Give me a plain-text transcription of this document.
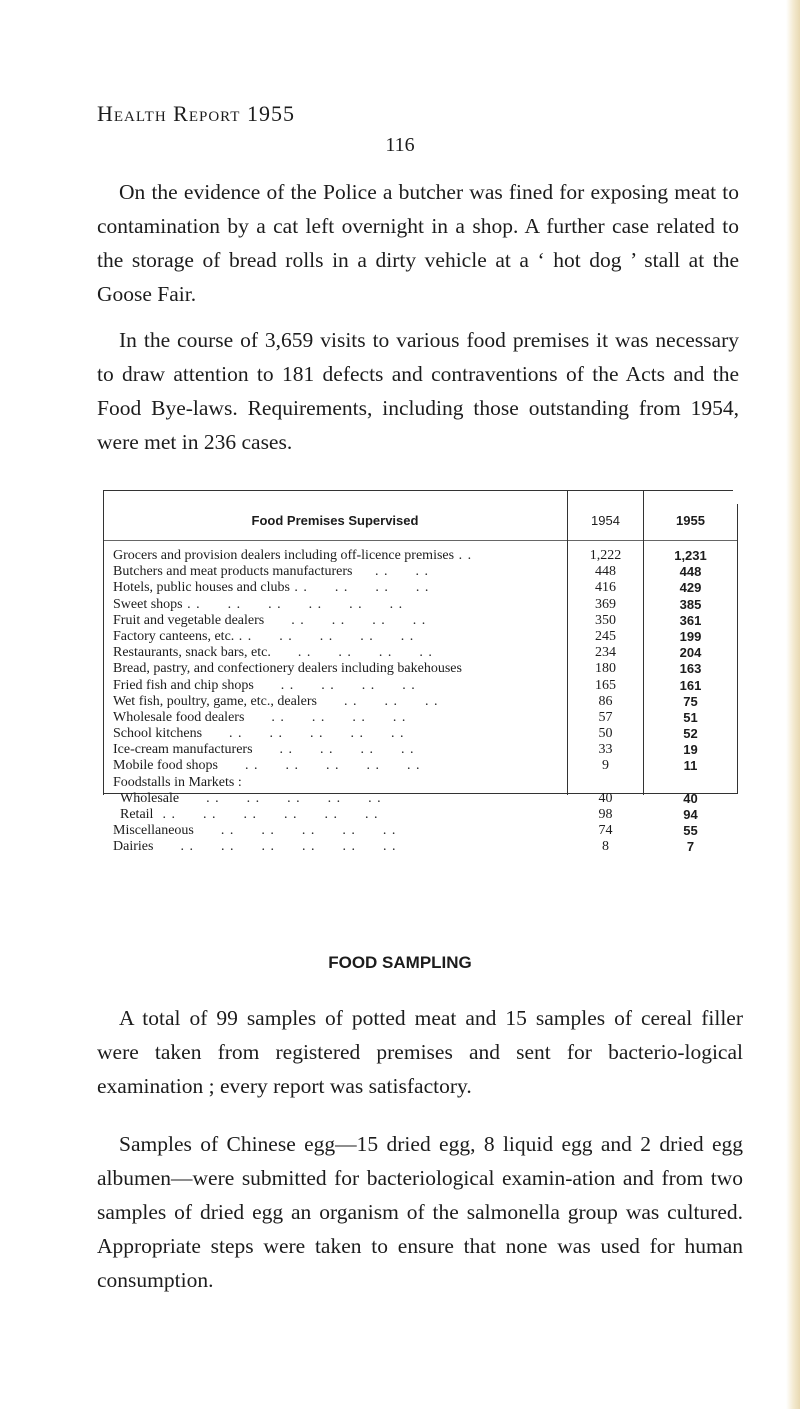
Health Report 1955
116

On the evidence of the Police a butcher was fined for exposing meat to contamination by a cat left overnight in a shop. A further case related to the storage of bread rolls in a dirty vehicle at a ‘ hot dog ’ stall at the Goose Fair.

In the course of 3,659 visits to various food premises it was necessary to draw attention to 181 defects and contraventions of the Acts and the Food Bye-laws. Requirements, including those outstanding from 1954, were met in 236 cases.

Food Premises Supervised	1954	1955
Grocers and provision dealers including off-licence premises . .	1,222	1,231
Butchers and meat products manufacturers     . .      . .	448	448
Hotels, public houses and clubs . .      . .      . .      . .	416	429
Sweet shops . .      . .      . .      . .      . .      . .	369	385
Fruit and vegetable dealers      . .      . .      . .      . .	350	361
Factory canteens, etc. . .      . .      . .      . .      . .	245	199
Restaurants, snack bars, etc.      . .      . .      . .      . .	234	204
Bread, pastry, and confectionery dealers including bakehouses	180	163
Fried fish and chip shops      . .      . .      . .      . .	165	161
Wet fish, poultry, game, etc., dealers      . .      . .      . .	86	75
Wholesale food dealers      . .      . .      . .      . .	57	51
School kitchens      . .      . .      . .      . .      . .	50	52
Ice-cream manufacturers      . .      . .      . .      . .	33	19
Mobile food shops      . .      . .      . .      . .      . .	9	11
Foodstalls in Markets :
Wholesale      . .      . .      . .      . .      . .	40	40
Retail  . .      . .      . .      . .      . .      . .	98	94
Miscellaneous      . .      . .      . .      . .      . .	74	55
Dairies      . .      . .      . .      . .      . .      . .	8	7
FOOD SAMPLING

A total of 99 samples of potted meat and 15 samples of cereal filler were taken from registered premises and sent for bacterio-logical examination ; every report was satisfactory.

Samples of Chinese egg—15 dried egg, 8 liquid egg and 2 dried egg albumen—were submitted for bacteriological examin-ation and from two samples of dried egg an organism of the salmonella group was cultured. Appropriate steps were taken to ensure that none was used for human consumption.
